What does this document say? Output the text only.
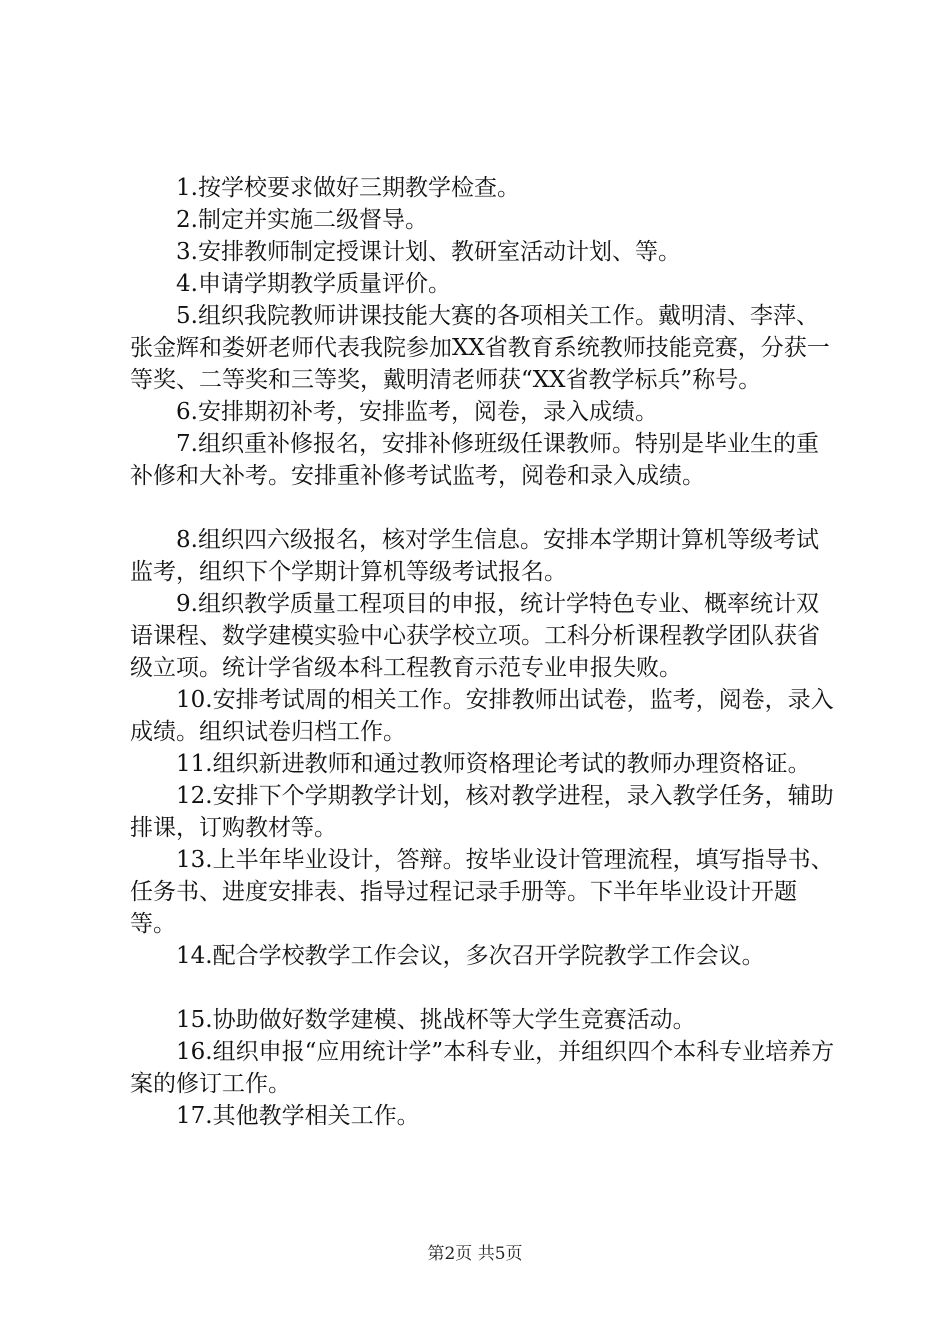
1.按学校要求做好三期教学检查。

2.制定并实施二级督导。

3.安排教师制定授课计划、教研室活动计划、等。

4.申请学期教学质量评价。

5.组织我院教师讲课技能大赛的各项相关工作。戴明清、李萍、张金辉和娄妍老师代表我院参加XX省教育系统教师技能竞赛，分获一等奖、二等奖和三等奖，戴明清老师获“XX省教学标兵”称号。

6.安排期初补考，安排监考，阅卷，录入成绩。

7.组织重补修报名，安排补修班级任课教师。特别是毕业生的重补修和大补考。安排重补修考试监考，阅卷和录入成绩。

8.组织四六级报名，核对学生信息。安排本学期计算机等级考试监考，组织下个学期计算机等级考试报名。

9.组织教学质量工程项目的申报，统计学特色专业、概率统计双语课程、数学建模实验中心获学校立项。工科分析课程教学团队获省级立项。统计学省级本科工程教育示范专业申报失败。

10.安排考试周的相关工作。安排教师出试卷，监考，阅卷，录入成绩。组织试卷归档工作。

11.组织新进教师和通过教师资格理论考试的教师办理资格证。

12.安排下个学期教学计划，核对教学进程，录入教学任务，辅助排课，订购教材等。

13.上半年毕业设计，答辩。按毕业设计管理流程，填写指导书、任务书、进度安排表、指导过程记录手册等。下半年毕业设计开题等。

14.配合学校教学工作会议，多次召开学院教学工作会议。

15.协助做好数学建模、挑战杯等大学生竞赛活动。

16.组织申报“应用统计学”本科专业，并组织四个本科专业培养方案的修订工作。

17.其他教学相关工作。

第2页 共5页
